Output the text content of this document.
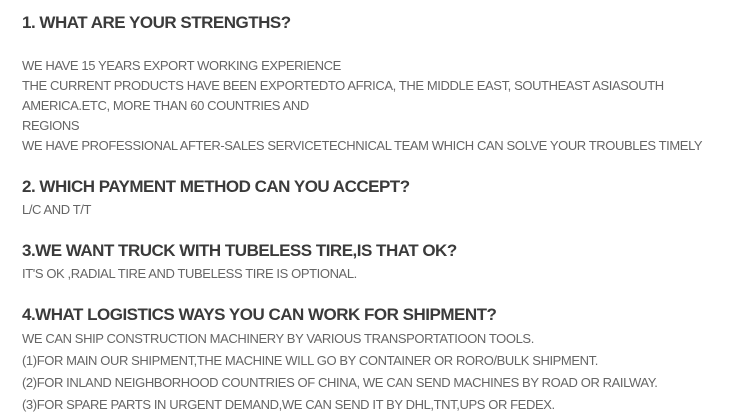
1. WHAT ARE YOUR STRENGTHS?
WE HAVE 15 YEARS EXPORT WORKING EXPERIENCE
THE CURRENT PRODUCTS HAVE BEEN EXPORTEDTO AFRICA, THE MIDDLE EAST, SOUTHEAST ASIASOUTH
AMERICA.ETC, MORE THAN 60 COUNTRIES AND
REGIONS
WE HAVE PROFESSIONAL AFTER-SALES SERVICETECHNICAL TEAM WHICH CAN SOLVE YOUR TROUBLES TIMELY
2. WHICH PAYMENT METHOD CAN YOU ACCEPT?
L/C AND T/T
3.WE WANT TRUCK WITH TUBELESS TIRE,IS THAT OK?
IT'S OK ,RADIAL TIRE AND TUBELESS TIRE IS OPTIONAL.
4.WHAT LOGISTICS WAYS YOU CAN WORK FOR SHIPMENT?
WE CAN SHIP CONSTRUCTION MACHINERY BY VARIOUS TRANSPORTATIOON TOOLS.
(1)FOR MAIN OUR SHIPMENT,THE MACHINE WILL GO BY CONTAINER OR RORO/BULK SHIPMENT.
(2)FOR INLAND NEIGHBORHOOD COUNTRIES OF CHINA, WE CAN SEND MACHINES BY ROAD OR RAILWAY.
(3)FOR SPARE PARTS IN URGENT DEMAND,WE CAN SEND IT BY DHL,TNT,UPS OR FEDEX.
